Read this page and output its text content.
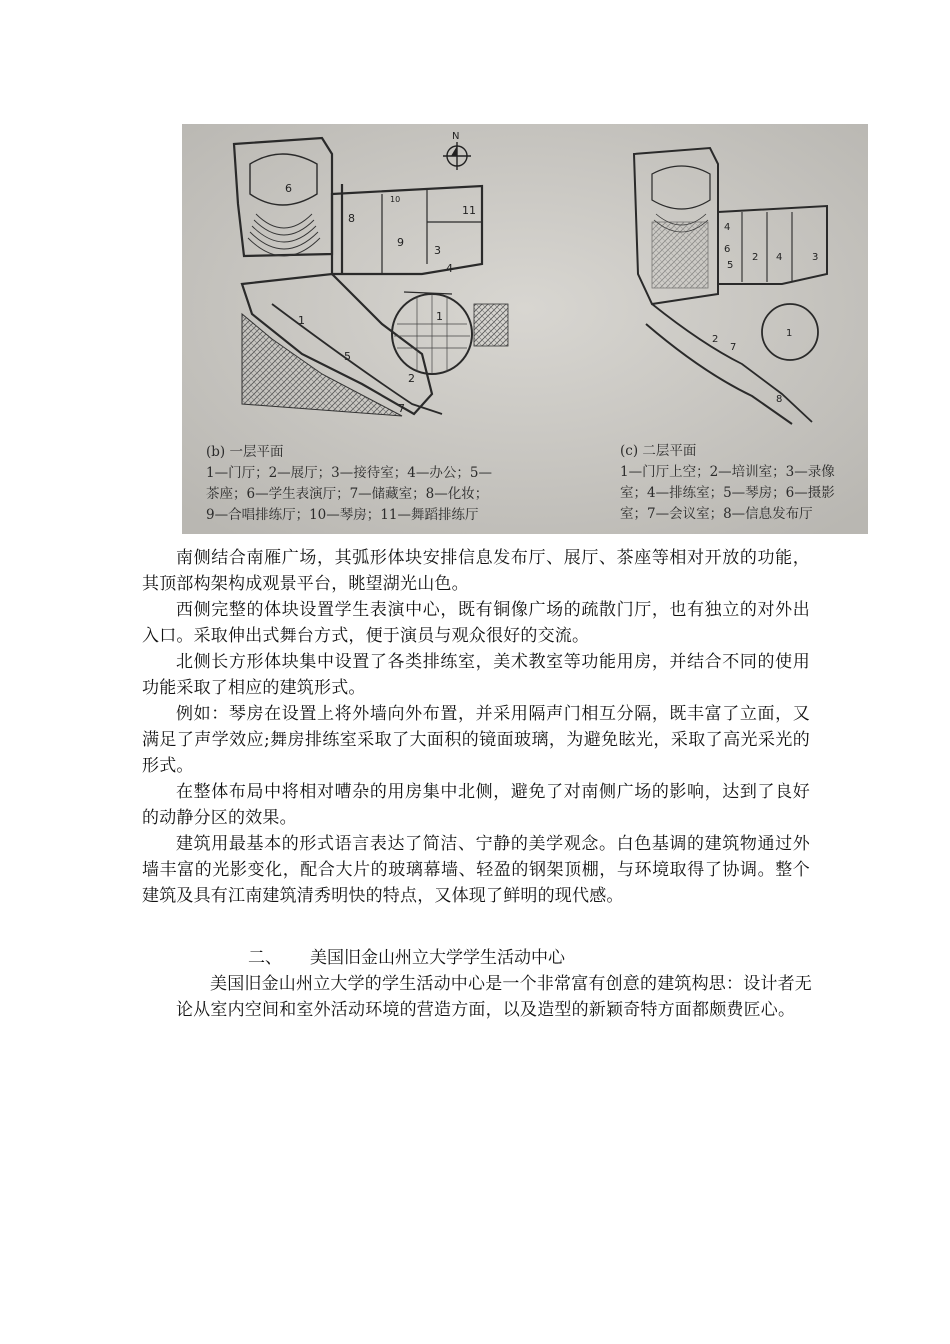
N
6
8
9
10
11
3
4
1	1
5
2
7
4
6
5
2 4	3
1
2
7
8
(b) 一层平面
1—门厅；2—展厅；3—接待室；4—办公；5—
茶座；6—学生表演厅；7—储藏室；8—化妆；
9—合唱排练厅；10—琴房；11—舞蹈排练厅
(c) 二层平面
1—门厅上空；2—培训室；3—录像
室；4—排练室；5—琴房；6—摄影
室；7—会议室；8—信息发布厅

南侧结合南雁广场，其弧形体块安排信息发布厅、展厅、茶座等相对开放的功能，其顶部构架构成观景平台，眺望湖光山色。

西侧完整的体块设置学生表演中心，既有铜像广场的疏散门厅，也有独立的对外出入口。采取伸出式舞台方式，便于演员与观众很好的交流。

北侧长方形体块集中设置了各类排练室，美术教室等功能用房，并结合不同的使用功能采取了相应的建筑形式。

例如：琴房在设置上将外墙向外布置，并采用隔声门相互分隔，既丰富了立面，又满足了声学效应;舞房排练室采取了大面积的镜面玻璃，为避免眩光，采取了高光采光的形式。

在整体布局中将相对嘈杂的用房集中北侧，避免了对南侧广场的影响，达到了良好的动静分区的效果。

建筑用最基本的形式语言表达了简洁、宁静的美学观念。白色基调的建筑物通过外墙丰富的光影变化，配合大片的玻璃幕墙、轻盈的钢架顶棚，与环境取得了协调。整个建筑及具有江南建筑清秀明快的特点，又体现了鲜明的现代感。

二、 美国旧金山州立大学学生活动中心

美国旧金山州立大学的学生活动中心是一个非常富有创意的建筑构思：设计者无论从室内空间和室外活动环境的营造方面，以及造型的新颖奇特方面都颇费匠心。
